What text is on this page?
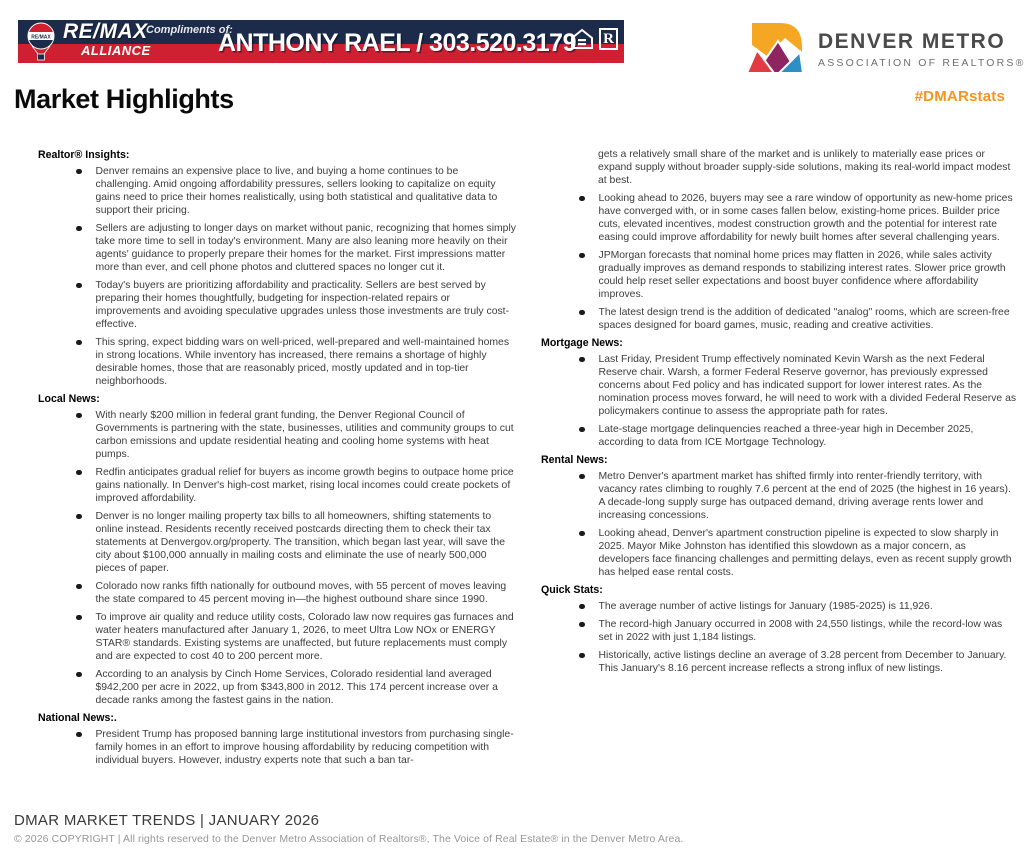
RE/MAX RE/MAX
ALLIANCE
Compliments of:
ANTHONY RAEL / 303.520.3179 R	DENVER METRO
ASSOCIATION OF REALTORS®
#DMARstats
Market Highlights
Realtor® Insights:
Denver remains an expensive place to live, and buying a home continues to be challenging. Amid ongoing affordability pressures, sellers looking to capitalize on equity gains need to price their homes realistically, using both statistical and qualitative data to support their pricing.
Sellers are adjusting to longer days on market without panic, recognizing that homes simply take more time to sell in today's environment. Many are also leaning more heavily on their agents' guidance to properly prepare their homes for the market. First impressions matter more than ever, and cell phone photos and cluttered spaces no longer cut it.
Today's buyers are prioritizing affordability and practicality. Sellers are best served by preparing their homes thoughtfully, budgeting for inspection-related repairs or improvements and avoiding speculative upgrades unless those investments are truly cost-effective.
This spring, expect bidding wars on well-priced, well-prepared and well-maintained homes in strong locations. While inventory has increased, there remains a shortage of highly desirable homes, those that are reasonably priced, mostly updated and in top-tier neighborhoods.
Local News:
With nearly $200 million in federal grant funding, the Denver Regional Council of Governments is partnering with the state, businesses, utilities and community groups to cut carbon emissions and update residential heating and cooling home systems with heat pumps.
Redfin anticipates gradual relief for buyers as income growth begins to outpace home price gains nationally. In Denver's high-cost market, rising local incomes could create pockets of improved affordability.
Denver is no longer mailing property tax bills to all homeowners, shifting statements to online instead. Residents recently received postcards directing them to check their tax statements at Denvergov.org/property. The transition, which began last year, will save the city about $100,000 annually in mailing costs and eliminate the use of nearly 500,000 pieces of paper.
Colorado now ranks fifth nationally for outbound moves, with 55 percent of moves leaving the state compared to 45 percent moving in—the highest outbound share since 1990.
To improve air quality and reduce utility costs, Colorado law now requires gas furnaces and water heaters manufactured after January 1, 2026, to meet Ultra Low NOx or ENERGY STAR® standards. Existing systems are unaffected, but future replacements must comply and are expected to cost 40 to 200 percent more.
According to an analysis by Cinch Home Services, Colorado residential land averaged $942,200 per acre in 2022, up from $343,800 in 2012. This 174 percent increase over a decade ranks among the fastest gains in the nation.
National News:.
President Trump has proposed banning large institutional investors from purchasing single-family homes in an effort to improve housing affordability by reducing competition with individual buyers. However, industry experts note that such a ban tar-
gets a relatively small share of the market and is unlikely to materially ease prices or expand supply without broader supply-side solutions, making its real-world impact modest at best.
Looking ahead to 2026, buyers may see a rare window of opportunity as new-home prices have converged with, or in some cases fallen below, existing-home prices. Builder price cuts, elevated incentives, modest construction growth and the potential for interest rate easing could improve affordability for newly built homes after several challenging years.
JPMorgan forecasts that nominal home prices may flatten in 2026, while sales activity gradually improves as demand responds to stabilizing interest rates. Slower price growth could help reset seller expectations and boost buyer confidence where affordability improves.
The latest design trend is the addition of dedicated "analog" rooms, which are screen-free spaces designed for board games, music, reading and creative activities.
Mortgage News:
Last Friday, President Trump effectively nominated Kevin Warsh as the next Federal Reserve chair. Warsh, a former Federal Reserve governor, has previously expressed concerns about Fed policy and has indicated support for lower interest rates. As the nomination process moves forward, he will need to work with a divided Federal Reserve as policymakers continue to assess the appropriate path for rates.
Late-stage mortgage delinquencies reached a three-year high in December 2025, according to data from ICE Mortgage Technology.
Rental News:
Metro Denver's apartment market has shifted firmly into renter-friendly territory, with vacancy rates climbing to roughly 7.6 percent at the end of 2025 (the highest in 16 years). A decade-long supply surge has outpaced demand, driving average rents lower and increasing concessions.
Looking ahead, Denver's apartment construction pipeline is expected to slow sharply in 2025. Mayor Mike Johnston has identified this slowdown as a major concern, as developers face financing challenges and permitting delays, even as recent supply growth has helped ease rental costs.
Quick Stats:
The average number of active listings for January (1985-2025) is 11,926.
The record-high January occurred in 2008 with 24,550 listings, while the record-low was set in 2022 with just 1,184 listings.
Historically, active listings decline an average of 3.28 percent from December to January. This January's 8.16 percent increase reflects a strong influx of new listings.
DMAR MARKET TRENDS | JANUARY 2026
© 2026 COPYRIGHT | All rights reserved to the Denver Metro Association of Realtors®, The Voice of Real Estate® in the Denver Metro Area.
